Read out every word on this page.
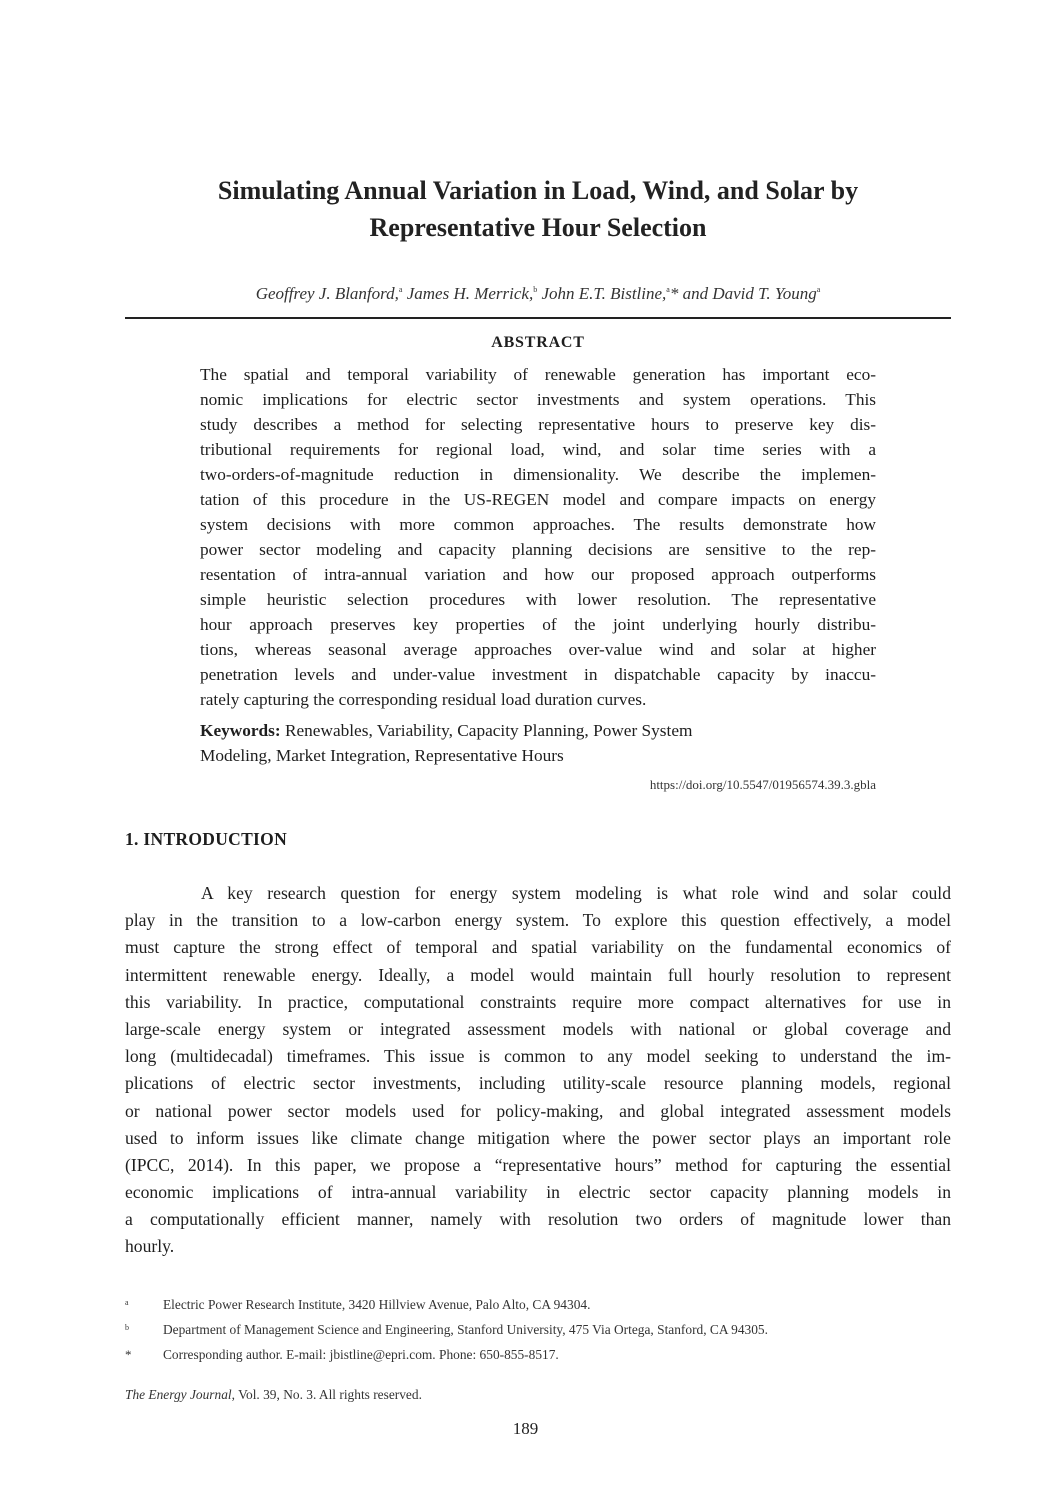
Simulating Annual Variation in Load, Wind, and Solar by
Representative Hour Selection
Geoffrey J. Blanford,$^a$ James H. Merrick,$^b$ John E.T. Bistline,$^a$* and David T. Young$^a$
ABSTRACT
The spatial and temporal variability of renewable generation has important eco-
nomic implications for electric sector investments and system operations. This
study describes a method for selecting representative hours to preserve key dis-
tributional requirements for regional load, wind, and solar time series with a
two-orders-of-magnitude reduction in dimensionality. We describe the implemen-
tation of this procedure in the US-REGEN model and compare impacts on energy
system decisions with more common approaches. The results demonstrate how
power sector modeling and capacity planning decisions are sensitive to the rep-
resentation of intra-annual variation and how our proposed approach outperforms
simple heuristic selection procedures with lower resolution. The representative
hour approach preserves key properties of the joint underlying hourly distribu-
tions, whereas seasonal average approaches over-value wind and solar at higher
penetration levels and under-value investment in dispatchable capacity by inaccu-
rately capturing the corresponding residual load duration curves.
Keywords: Renewables, Variability, Capacity Planning, Power System
Modeling, Market Integration, Representative Hours
https://doi.org/10.5547/01956574.39.3.gbla
1. INTRODUCTION
A key research question for energy system modeling is what role wind and solar could
play in the transition to a low-carbon energy system. To explore this question effectively, a model
must capture the strong effect of temporal and spatial variability on the fundamental economics of
intermittent renewable energy. Ideally, a model would maintain full hourly resolution to represent
this variability. In practice, computational constraints require more compact alternatives for use in
large-scale energy system or integrated assessment models with national or global coverage and
long (multidecadal) timeframes. This issue is common to any model seeking to understand the im-
plications of electric sector investments, including utility-scale resource planning models, regional
or national power sector models used for policy-making, and global integrated assessment models
used to inform issues like climate change mitigation where the power sector plays an important role
(IPCC, 2014). In this paper, we propose a “representative hours” method for capturing the essential
economic implications of intra-annual variability in electric sector capacity planning models in
a computationally efficient manner, namely with resolution two orders of magnitude lower than
hourly.
a	Electric Power Research Institute, 3420 Hillview Avenue, Palo Alto, CA 94304.
b	Department of Management Science and Engineering, Stanford University, 475 Via Ortega, Stanford, CA 94305.
*	Corresponding author. E-mail: jbistline@epri.com. Phone: 650-855-8517.
The Energy Journal, Vol. 39, No. 3. All rights reserved.
189
